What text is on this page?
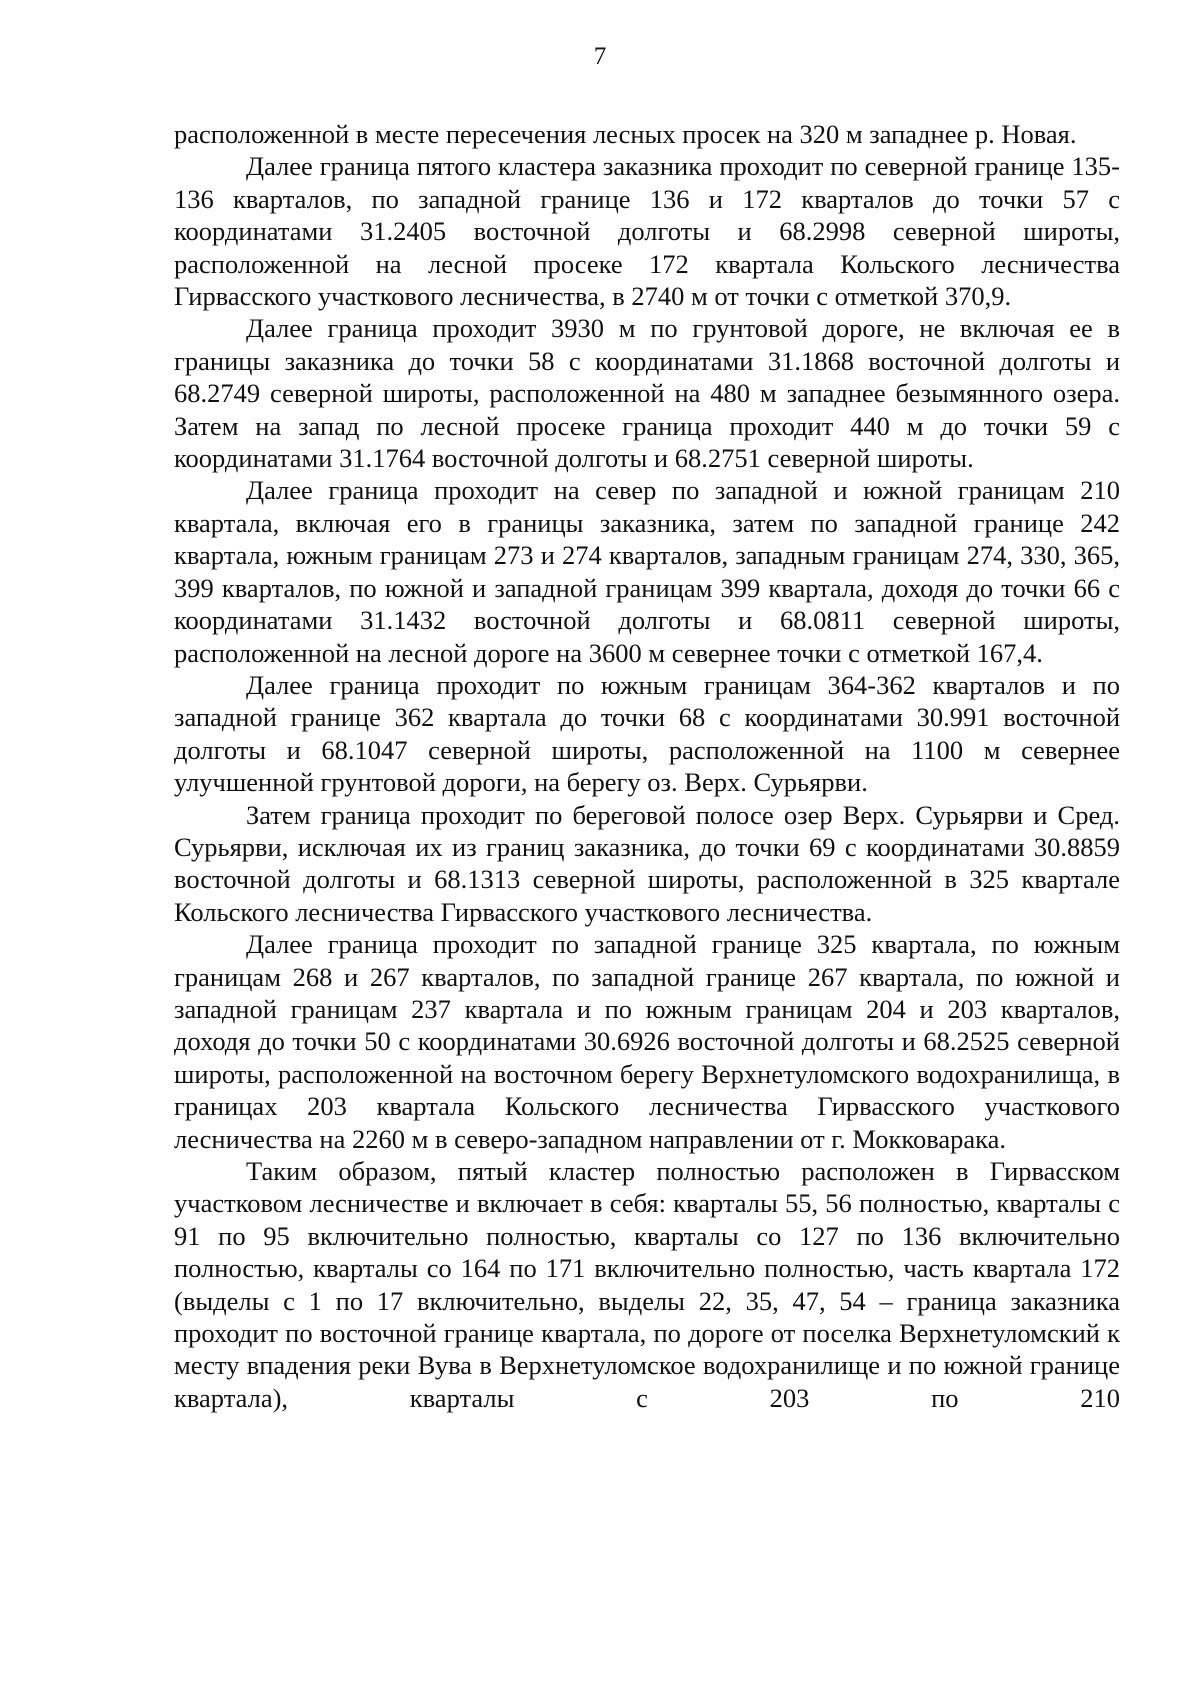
7

расположенной в месте пересечения лесных просек на 320 м западнее р. Новая.

Далее граница пятого кластера заказника проходит по северной границе 135-136 кварталов, по западной границе 136 и 172 кварталов до точки 57 с координатами 31.2405 восточной долготы и 68.2998 северной широты, расположенной на лесной просеке 172 квартала Кольского лесничества Гирвасского участкового лесничества, в 2740 м от точки с отметкой 370,9.

Далее граница проходит 3930 м по грунтовой дороге, не включая ее в границы заказника до точки 58 с координатами 31.1868 восточной долготы и 68.2749 северной широты, расположенной на 480 м западнее безымянного озера. Затем на запад по лесной просеке граница проходит 440 м до точки 59 с координатами 31.1764 восточной долготы и 68.2751 северной широты.

Далее граница проходит на север по западной и южной границам 210 квартала, включая его в границы заказника, затем по западной границе 242 квартала, южным границам 273 и 274 кварталов, западным границам 274, 330, 365, 399 кварталов, по южной и западной границам 399 квартала, доходя до точки 66 с координатами 31.1432 восточной долготы и 68.0811 северной широты, расположенной на лесной дороге на 3600 м севернее точки с отметкой 167,4.

Далее граница проходит по южным границам 364-362 кварталов и по западной границе 362 квартала до точки 68 с координатами 30.991 восточной долготы и 68.1047 северной широты, расположенной на 1100 м севернее улучшенной грунтовой дороги, на берегу оз. Верх. Сурьярви.

Затем граница проходит по береговой полосе озер Верх. Сурьярви и Сред. Сурьярви, исключая их из границ заказника, до точки 69 с координатами 30.8859 восточной долготы и 68.1313 северной широты, расположенной в 325 квартале Кольского лесничества Гирвасского участкового лесничества.

Далее граница проходит по западной границе 325 квартала, по южным границам 268 и 267 кварталов, по западной границе 267 квартала, по южной и западной границам 237 квартала и по южным границам 204 и 203 кварталов, доходя до точки 50 с координатами 30.6926 восточной долготы и 68.2525 северной широты, расположенной на восточном берегу Верхнетуломского водохранилища, в границах 203 квартала Кольского лесничества Гирвасского участкового лесничества на 2260 м в северо-западном направлении от г. Мокковарака.

Таким образом, пятый кластер полностью расположен в Гирвасском участковом лесничестве и включает в себя: кварталы 55, 56 полностью, кварталы с 91 по 95 включительно полностью, кварталы со 127 по 136 включительно полностью, кварталы со 164 по 171 включительно полностью, часть квартала 172 (выделы с 1 по 17 включительно, выделы 22, 35, 47, 54 – граница заказника проходит по восточной границе квартала, по дороге от поселка Верхнетуломский к месту впадения реки Вува в Верхнетуломское водохранилище и по южной границе квартала), кварталы с 203 по 210
